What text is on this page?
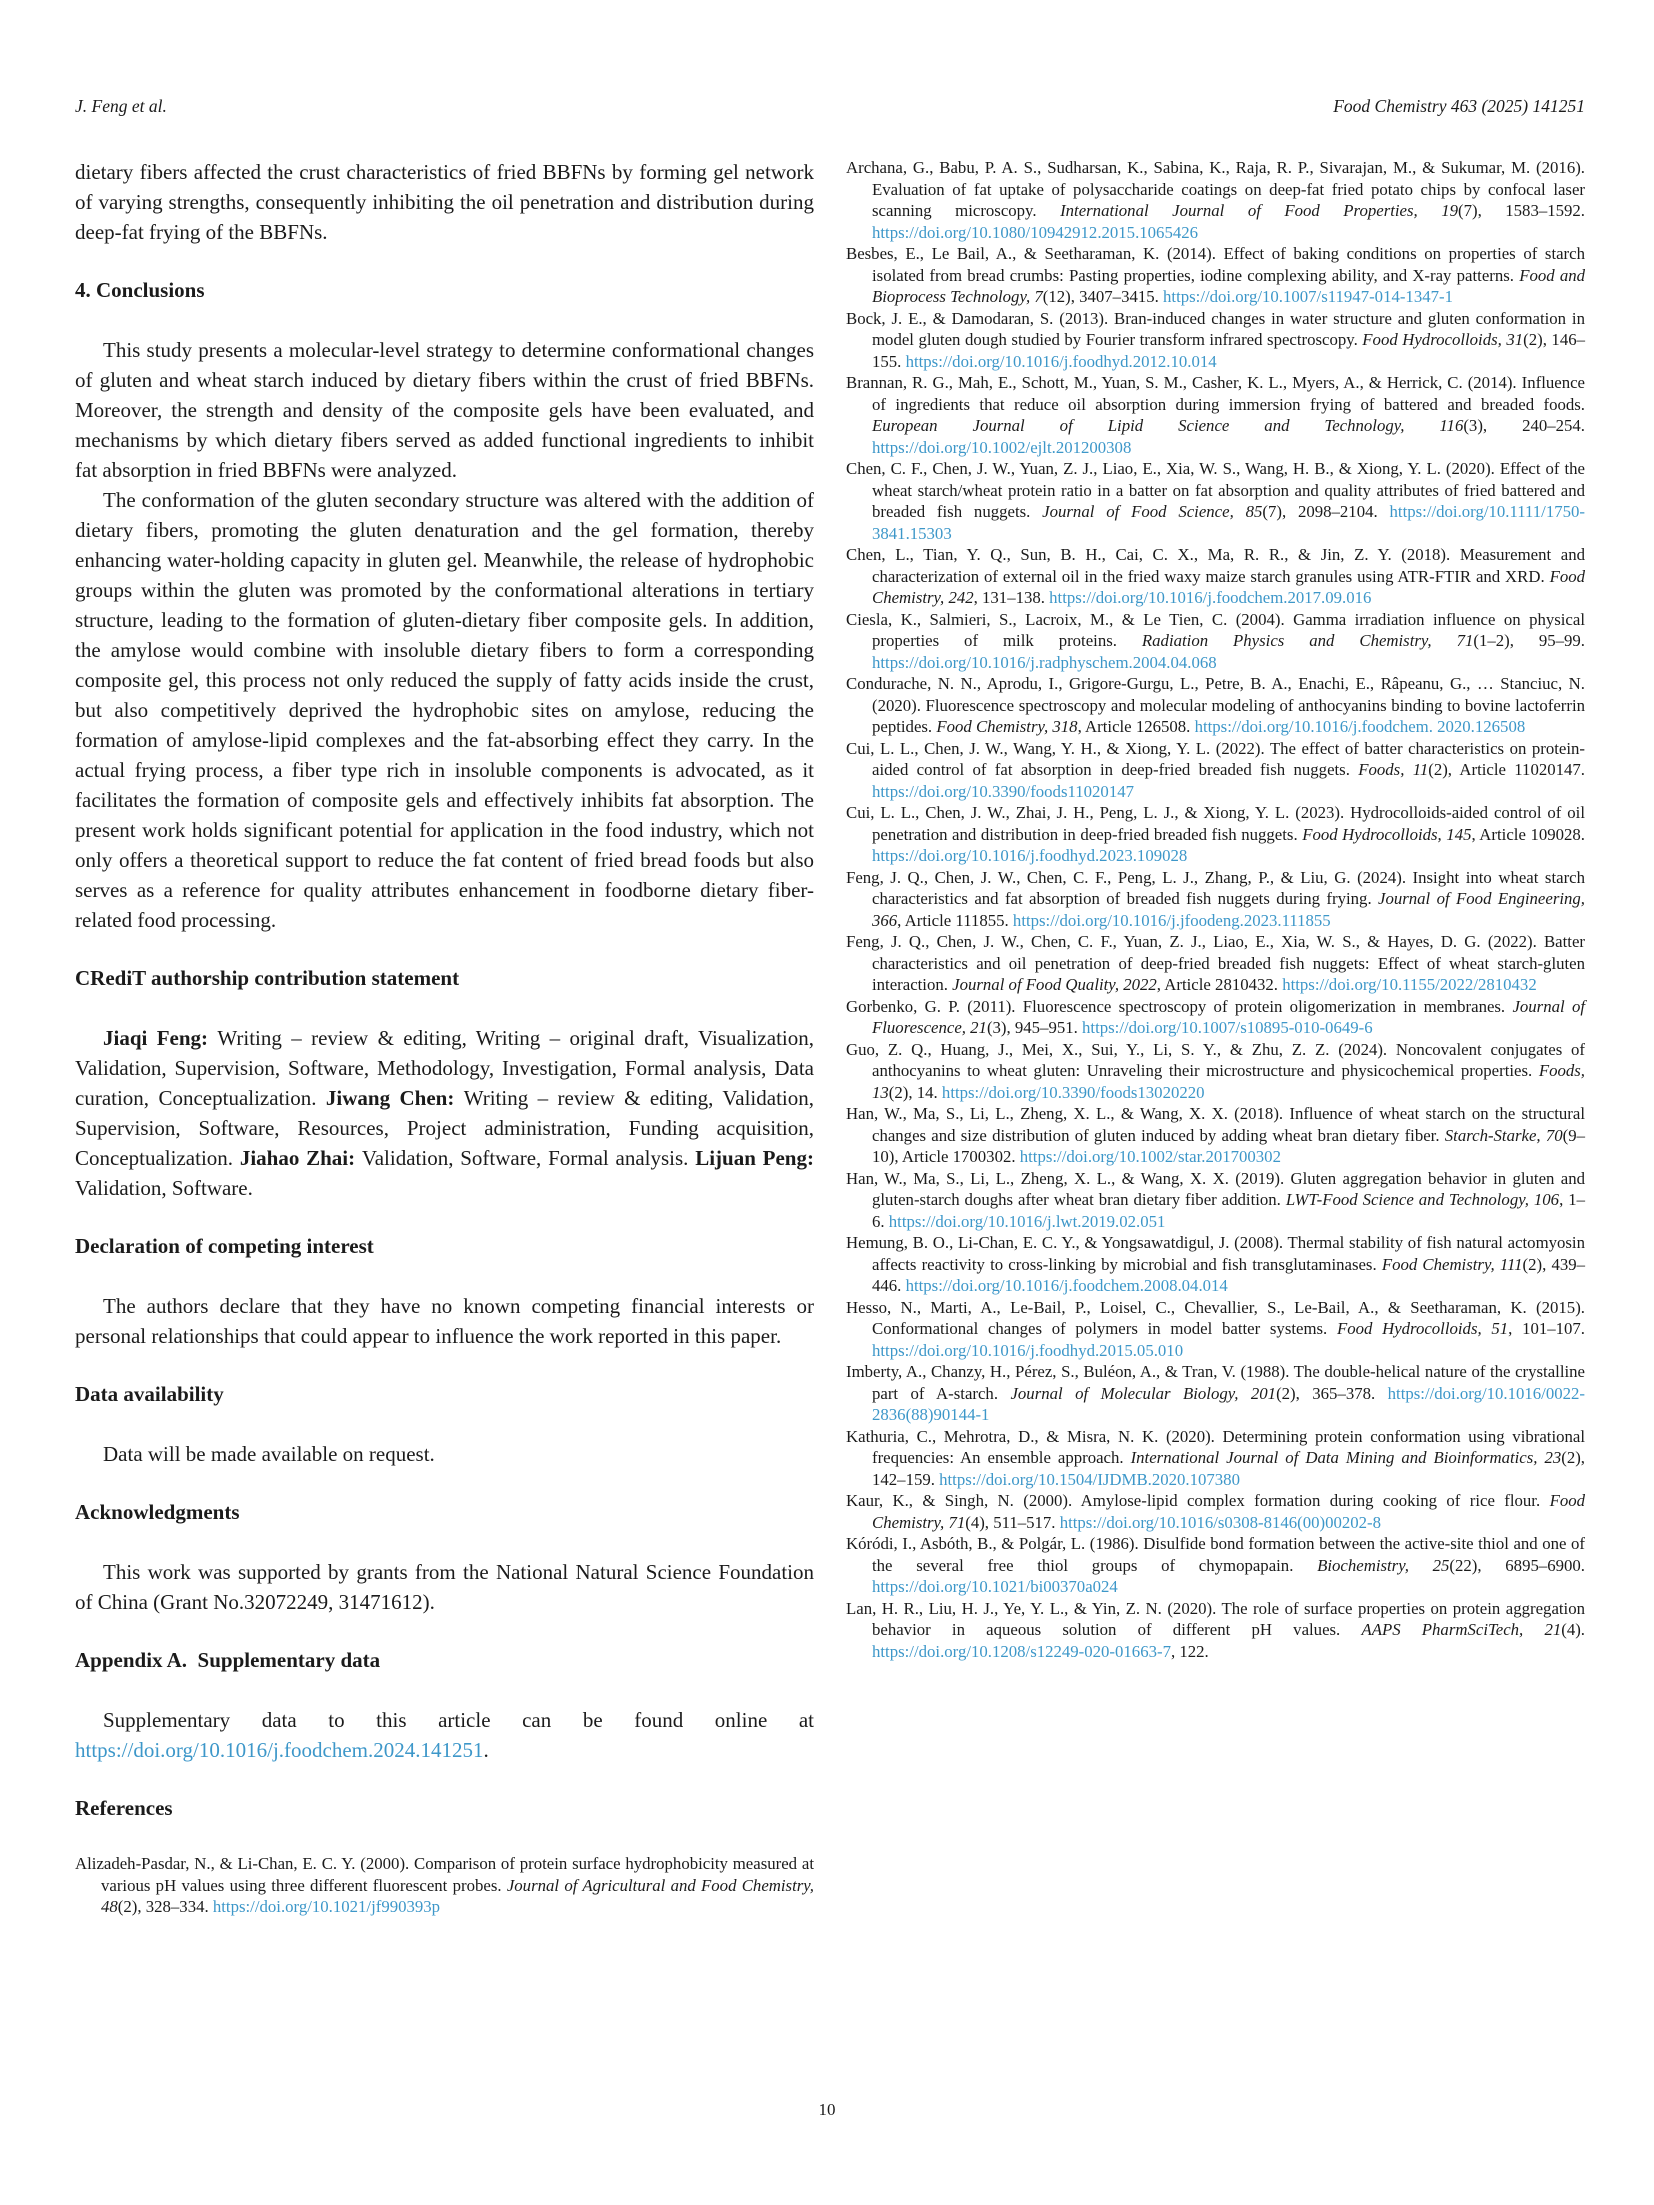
J. Feng et al.	Food Chemistry 463 (2025) 141251

dietary fibers affected the crust characteristics of fried BBFNs by forming gel network of varying strengths, consequently inhibiting the oil penetration and distribution during deep-fat frying of the BBFNs.

4. Conclusions

This study presents a molecular-level strategy to determine conformational changes of gluten and wheat starch induced by dietary fibers within the crust of fried BBFNs. Moreover, the strength and density of the composite gels have been evaluated, and mechanisms by which dietary fibers served as added functional ingredients to inhibit fat absorption in fried BBFNs were analyzed.

The conformation of the gluten secondary structure was altered with the addition of dietary fibers, promoting the gluten denaturation and the gel formation, thereby enhancing water-holding capacity in gluten gel. Meanwhile, the release of hydrophobic groups within the gluten was promoted by the conformational alterations in tertiary structure, leading to the formation of gluten-dietary fiber composite gels. In addition, the amylose would combine with insoluble dietary fibers to form a corresponding composite gel, this process not only reduced the supply of fatty acids inside the crust, but also competitively deprived the hydrophobic sites on amylose, reducing the formation of amylose-lipid complexes and the fat-absorbing effect they carry. In the actual frying process, a fiber type rich in insoluble components is advocated, as it facilitates the formation of composite gels and effectively inhibits fat absorption. The present work holds significant potential for application in the food industry, which not only offers a theoretical support to reduce the fat content of fried bread foods but also serves as a reference for quality attributes enhancement in foodborne dietary fiber-related food processing.

CRediT authorship contribution statement

Jiaqi Feng: Writing – review & editing, Writing – original draft, Visualization, Validation, Supervision, Software, Methodology, Investigation, Formal analysis, Data curation, Conceptualization. Jiwang Chen: Writing – review & editing, Validation, Supervision, Software, Resources, Project administration, Funding acquisition, Conceptualization. Jiahao Zhai: Validation, Software, Formal analysis. Lijuan Peng: Validation, Software.

Declaration of competing interest

The authors declare that they have no known competing financial interests or personal relationships that could appear to influence the work reported in this paper.

Data availability

Data will be made available on request.

Acknowledgments

This work was supported by grants from the National Natural Science Foundation of China (Grant No.32072249, 31471612).

Appendix A.  Supplementary data

Supplementary data to this article can be found online at https://doi.org/10.1016/j.foodchem.2024.141251.

References

Alizadeh-Pasdar, N., & Li-Chan, E. C. Y. (2000). Comparison of protein surface hydrophobicity measured at various pH values using three different fluorescent probes. Journal of Agricultural and Food Chemistry, 48(2), 328–334. https://doi.org/10.1021/jf990393p

Archana, G., Babu, P. A. S., Sudharsan, K., Sabina, K., Raja, R. P., Sivarajan, M., & Sukumar, M. (2016). Evaluation of fat uptake of polysaccharide coatings on deep-fat fried potato chips by confocal laser scanning microscopy. International Journal of Food Properties, 19(7), 1583–1592. https://doi.org/10.1080/10942912.2015.1065426

Besbes, E., Le Bail, A., & Seetharaman, K. (2014). Effect of baking conditions on properties of starch isolated from bread crumbs: Pasting properties, iodine complexing ability, and X-ray patterns. Food and Bioprocess Technology, 7(12), 3407–3415. https://doi.org/10.1007/s11947-014-1347-1

Bock, J. E., & Damodaran, S. (2013). Bran-induced changes in water structure and gluten conformation in model gluten dough studied by Fourier transform infrared spectroscopy. Food Hydrocolloids, 31(2), 146–155. https://doi.org/10.1016/j.foodhyd.2012.10.014

Brannan, R. G., Mah, E., Schott, M., Yuan, S. M., Casher, K. L., Myers, A., & Herrick, C. (2014). Influence of ingredients that reduce oil absorption during immersion frying of battered and breaded foods. European Journal of Lipid Science and Technology, 116(3), 240–254. https://doi.org/10.1002/ejlt.201200308

Chen, C. F., Chen, J. W., Yuan, Z. J., Liao, E., Xia, W. S., Wang, H. B., & Xiong, Y. L. (2020). Effect of the wheat starch/wheat protein ratio in a batter on fat absorption and quality attributes of fried battered and breaded fish nuggets. Journal of Food Science, 85(7), 2098–2104. https://doi.org/10.1111/1750-3841.15303

Chen, L., Tian, Y. Q., Sun, B. H., Cai, C. X., Ma, R. R., & Jin, Z. Y. (2018). Measurement and characterization of external oil in the fried waxy maize starch granules using ATR-FTIR and XRD. Food Chemistry, 242, 131–138. https://doi.org/10.1016/j.foodchem.2017.09.016

Ciesla, K., Salmieri, S., Lacroix, M., & Le Tien, C. (2004). Gamma irradiation influence on physical properties of milk proteins. Radiation Physics and Chemistry, 71(1–2), 95–99. https://doi.org/10.1016/j.radphyschem.2004.04.068

Condurache, N. N., Aprodu, I., Grigore-Gurgu, L., Petre, B. A., Enachi, E., Râpeanu, G., … Stanciuc, N. (2020). Fluorescence spectroscopy and molecular modeling of anthocyanins binding to bovine lactoferrin peptides. Food Chemistry, 318, Article 126508. https://doi.org/10.1016/j.foodchem. 2020.126508

Cui, L. L., Chen, J. W., Wang, Y. H., & Xiong, Y. L. (2022). The effect of batter characteristics on protein-aided control of fat absorption in deep-fried breaded fish nuggets. Foods, 11(2), Article 11020147. https://doi.org/10.3390/foods11020147

Cui, L. L., Chen, J. W., Zhai, J. H., Peng, L. J., & Xiong, Y. L. (2023). Hydrocolloids-aided control of oil penetration and distribution in deep-fried breaded fish nuggets. Food Hydrocolloids, 145, Article 109028. https://doi.org/10.1016/j.foodhyd.2023.109028

Feng, J. Q., Chen, J. W., Chen, C. F., Peng, L. J., Zhang, P., & Liu, G. (2024). Insight into wheat starch characteristics and fat absorption of breaded fish nuggets during frying. Journal of Food Engineering, 366, Article 111855. https://doi.org/10.1016/j.jfoodeng.2023.111855

Feng, J. Q., Chen, J. W., Chen, C. F., Yuan, Z. J., Liao, E., Xia, W. S., & Hayes, D. G. (2022). Batter characteristics and oil penetration of deep-fried breaded fish nuggets: Effect of wheat starch-gluten interaction. Journal of Food Quality, 2022, Article 2810432. https://doi.org/10.1155/2022/2810432

Gorbenko, G. P. (2011). Fluorescence spectroscopy of protein oligomerization in membranes. Journal of Fluorescence, 21(3), 945–951. https://doi.org/10.1007/s10895-010-0649-6

Guo, Z. Q., Huang, J., Mei, X., Sui, Y., Li, S. Y., & Zhu, Z. Z. (2024). Noncovalent conjugates of anthocyanins to wheat gluten: Unraveling their microstructure and physicochemical properties. Foods, 13(2), 14. https://doi.org/10.3390/foods13020220

Han, W., Ma, S., Li, L., Zheng, X. L., & Wang, X. X. (2018). Influence of wheat starch on the structural changes and size distribution of gluten induced by adding wheat bran dietary fiber. Starch-Starke, 70(9–10), Article 1700302. https://doi.org/10.1002/star.201700302

Han, W., Ma, S., Li, L., Zheng, X. L., & Wang, X. X. (2019). Gluten aggregation behavior in gluten and gluten-starch doughs after wheat bran dietary fiber addition. LWT-Food Science and Technology, 106, 1–6. https://doi.org/10.1016/j.lwt.2019.02.051

Hemung, B. O., Li-Chan, E. C. Y., & Yongsawatdigul, J. (2008). Thermal stability of fish natural actomyosin affects reactivity to cross-linking by microbial and fish transglutaminases. Food Chemistry, 111(2), 439–446. https://doi.org/10.1016/j.foodchem.2008.04.014

Hesso, N., Marti, A., Le-Bail, P., Loisel, C., Chevallier, S., Le-Bail, A., & Seetharaman, K. (2015). Conformational changes of polymers in model batter systems. Food Hydrocolloids, 51, 101–107. https://doi.org/10.1016/j.foodhyd.2015.05.010

Imberty, A., Chanzy, H., Pérez, S., Buléon, A., & Tran, V. (1988). The double-helical nature of the crystalline part of A-starch. Journal of Molecular Biology, 201(2), 365–378. https://doi.org/10.1016/0022-2836(88)90144-1

Kathuria, C., Mehrotra, D., & Misra, N. K. (2020). Determining protein conformation using vibrational frequencies: An ensemble approach. International Journal of Data Mining and Bioinformatics, 23(2), 142–159. https://doi.org/10.1504/IJDMB.2020.107380

Kaur, K., & Singh, N. (2000). Amylose-lipid complex formation during cooking of rice flour. Food Chemistry, 71(4), 511–517. https://doi.org/10.1016/s0308-8146(00)00202-8

Kóródi, I., Asbóth, B., & Polgár, L. (1986). Disulfide bond formation between the active-site thiol and one of the several free thiol groups of chymopapain. Biochemistry, 25(22), 6895–6900. https://doi.org/10.1021/bi00370a024

Lan, H. R., Liu, H. J., Ye, Y. L., & Yin, Z. N. (2020). The role of surface properties on protein aggregation behavior in aqueous solution of different pH values. AAPS PharmSciTech, 21(4). https://doi.org/10.1208/s12249-020-01663-7, 122.

10
